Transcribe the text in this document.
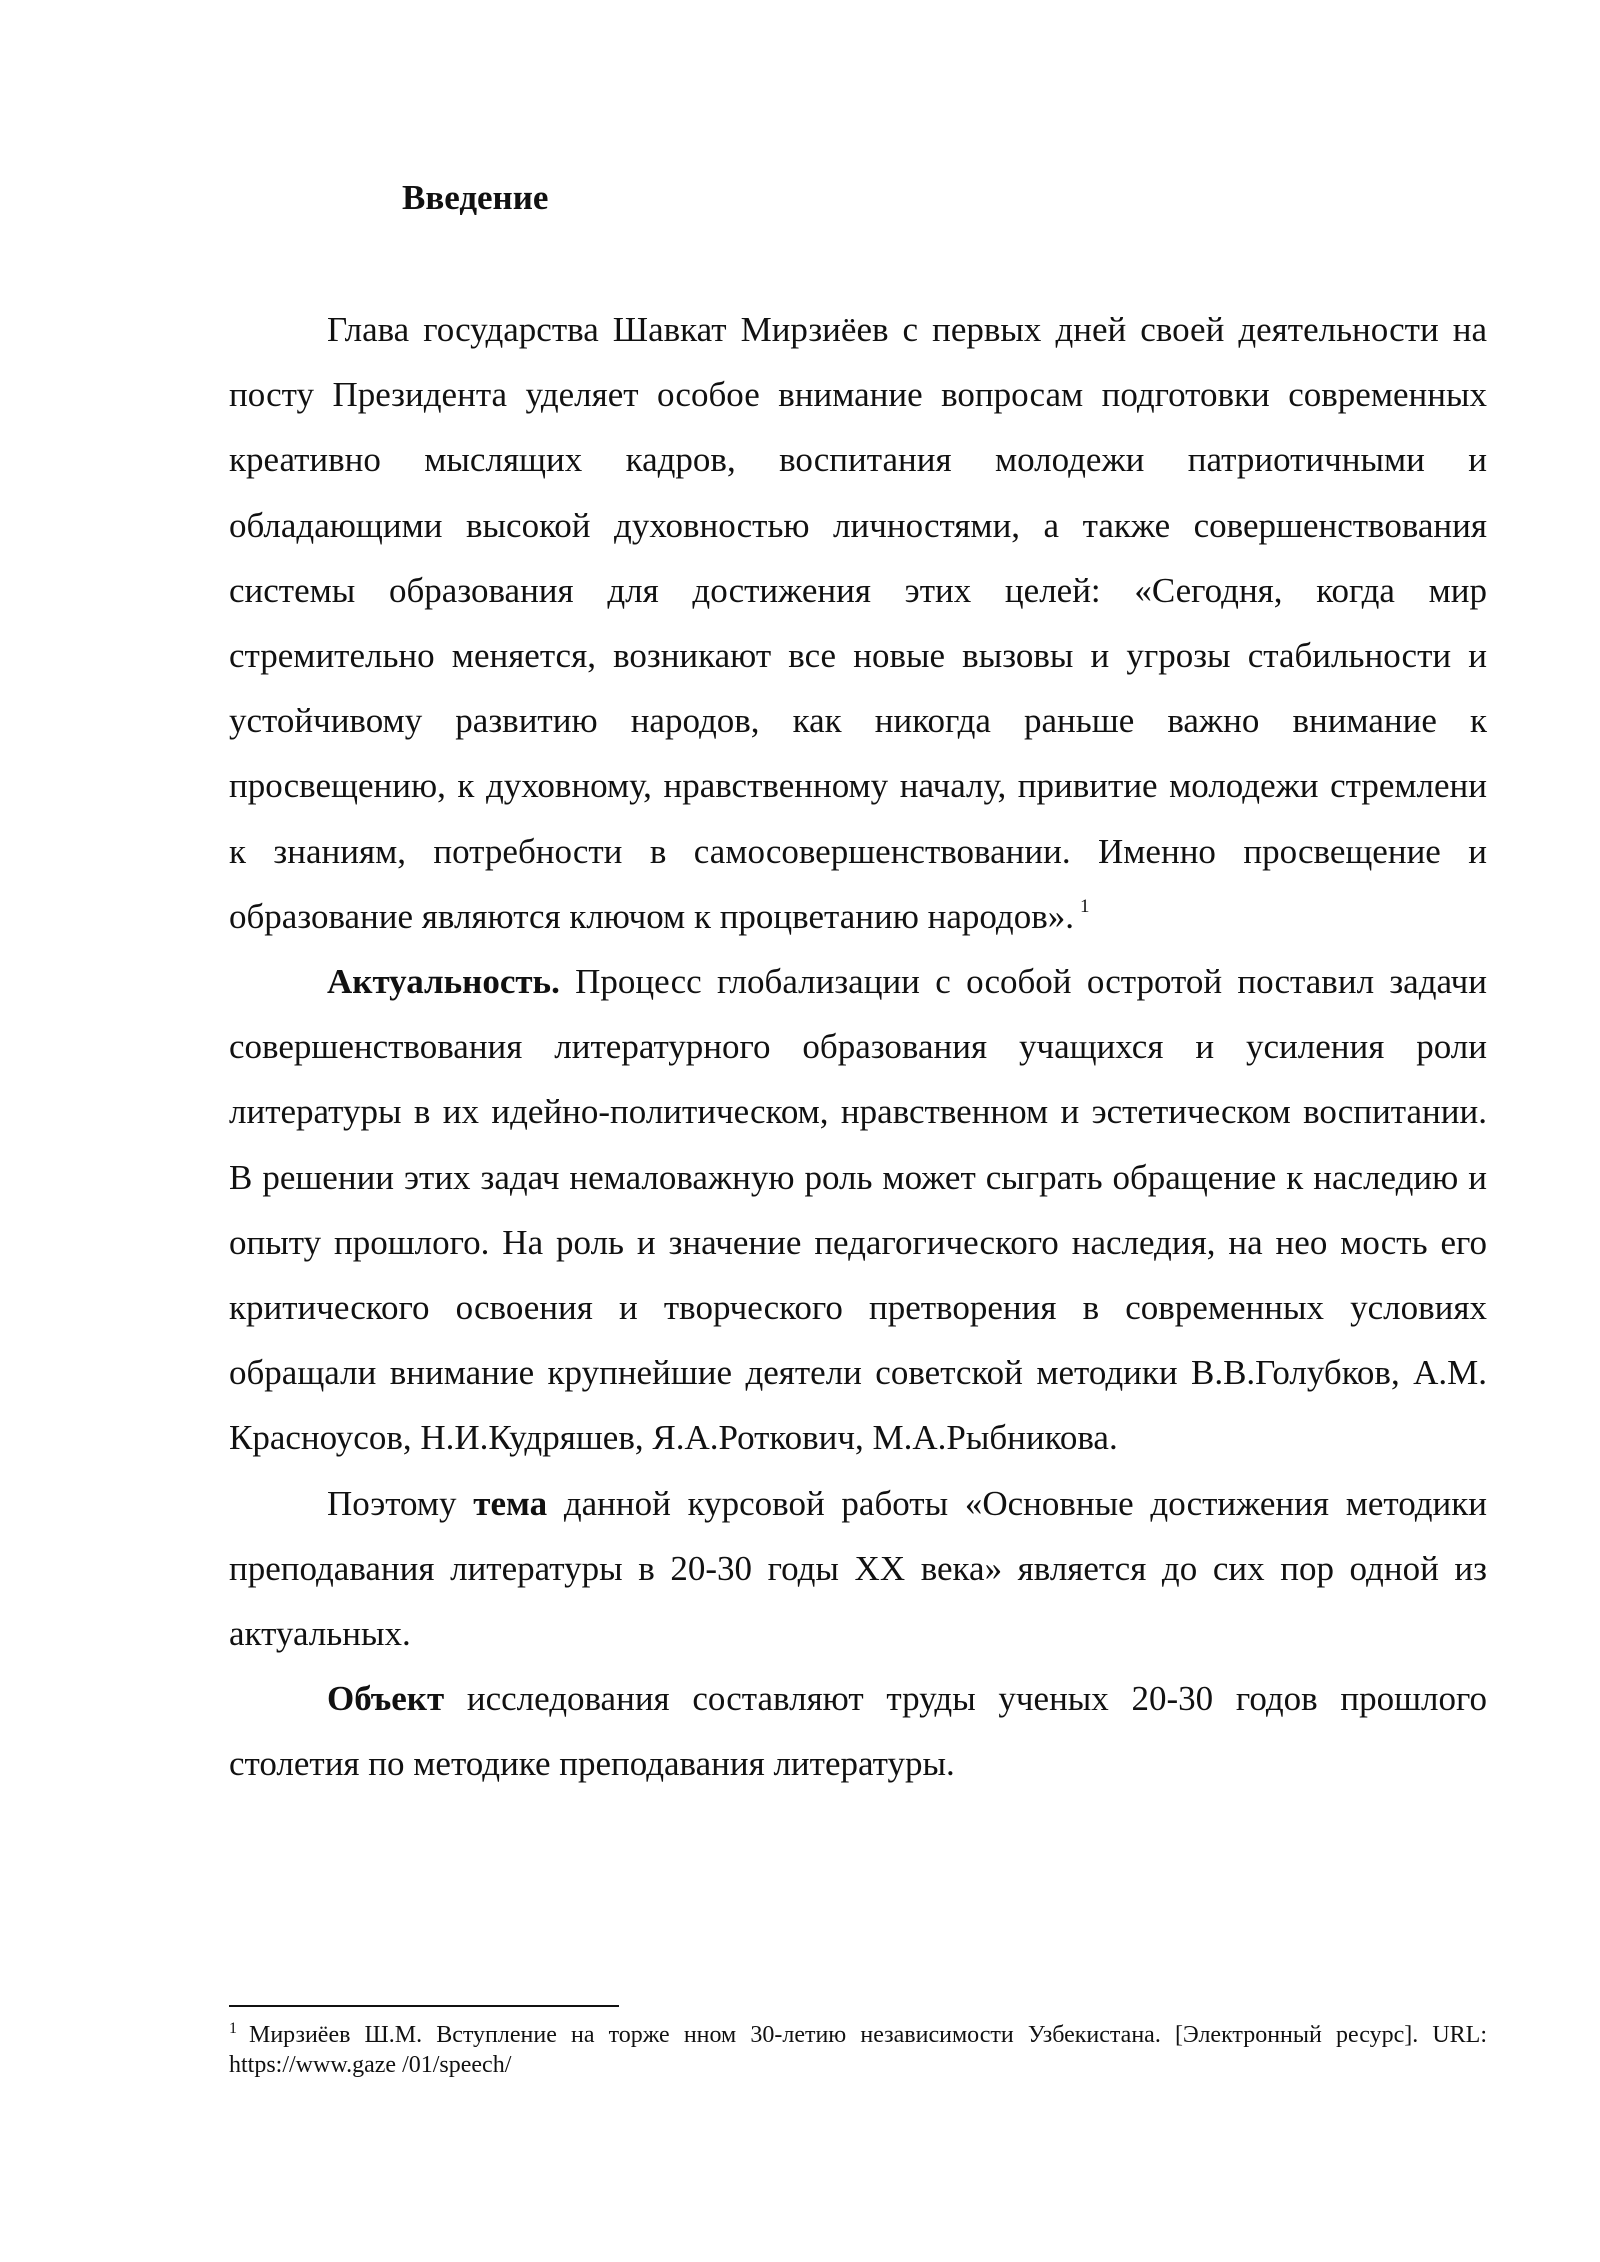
Введение

Глава государства Шавкат Мирзиёев с первых дней своей деятельности на посту Президента уделяет особое внимание вопросам подготовки современных креативно мыслящих кадров, воспитания молодежи патриотичными и обладающими высокой духовностью личностями, а также совершенствования системы образования для достижения этих целей: «Сегодня, когда мир стремительно меняется, возникают все новые вызовы и угрозы стабильности и устойчивому развитию народов, как никогда раньше важно внимание к просвещению, к духовному, нравственному началу, привитие молодежи стремлени к знаниям, потребности в самосовершенствовании. Именно просвещение и образование являются ключом к процветанию народов». $^1$

Актуальность. Процесс глобализации с особой остротой поставил задачи совершенствования литературного образования учащихся и усиления роли литературы в их идейно-политическом, нравственном и эстетическом воспитании. В решении этих задач немаловажную роль может сыграть обращение к наследию и опыту прошлого. На роль и значение педагогического наследия, на нео мость его критического освоения и творческого претворения в современных условиях обращали внимание крупнейшие деятели советской методики В.В.Голубков, А.М. Красноусов, Н.И.Кудряшев, Я.А.Роткович, М.А.Рыбникова.

Поэтому тема данной курсовой работы «Основные достижения методики преподавания литературы в 20-30 годы XX века» является до сих пор одной из актуальных.

Объект исследования составляют труды ученых 20-30 годов прошлого столетия по методике преподавания литературы.

$^1$ Мирзиёев Ш.М. Вступление на торже нном 30-летию независимости Узбекистана. [Электронный ресурс]. URL: https://www.gaze /01/speech/
